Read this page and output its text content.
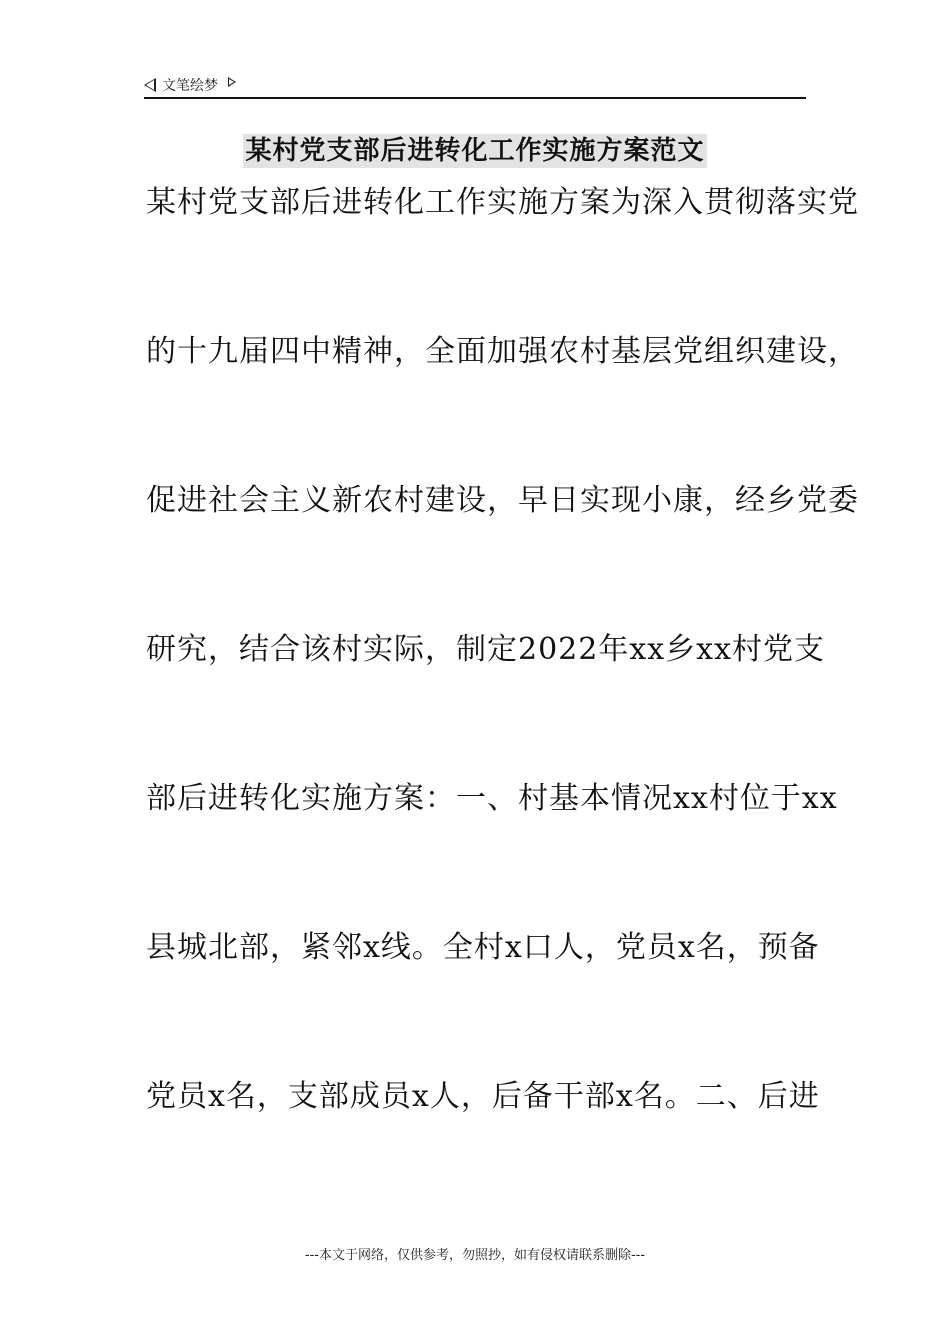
文笔绘梦
某村党支部后进转化工作实施方案范文
某村党支部后进转化工作实施方案为深入贯彻落实党
的十九届四中精神，全面加强农村基层党组织建设，
促进社会主义新农村建设，早日实现小康，经乡党委
研究，结合该村实际，制定2022年xx乡xx村党支
部后进转化实施方案：一、村基本情况xx村位于xx
县城北部，紧邻x线。全村x口人，党员x名，预备
党员x名，支部成员x人，后备干部x名。二、后进
---本文于网络，仅供参考，勿照抄，如有侵权请联系删除---
